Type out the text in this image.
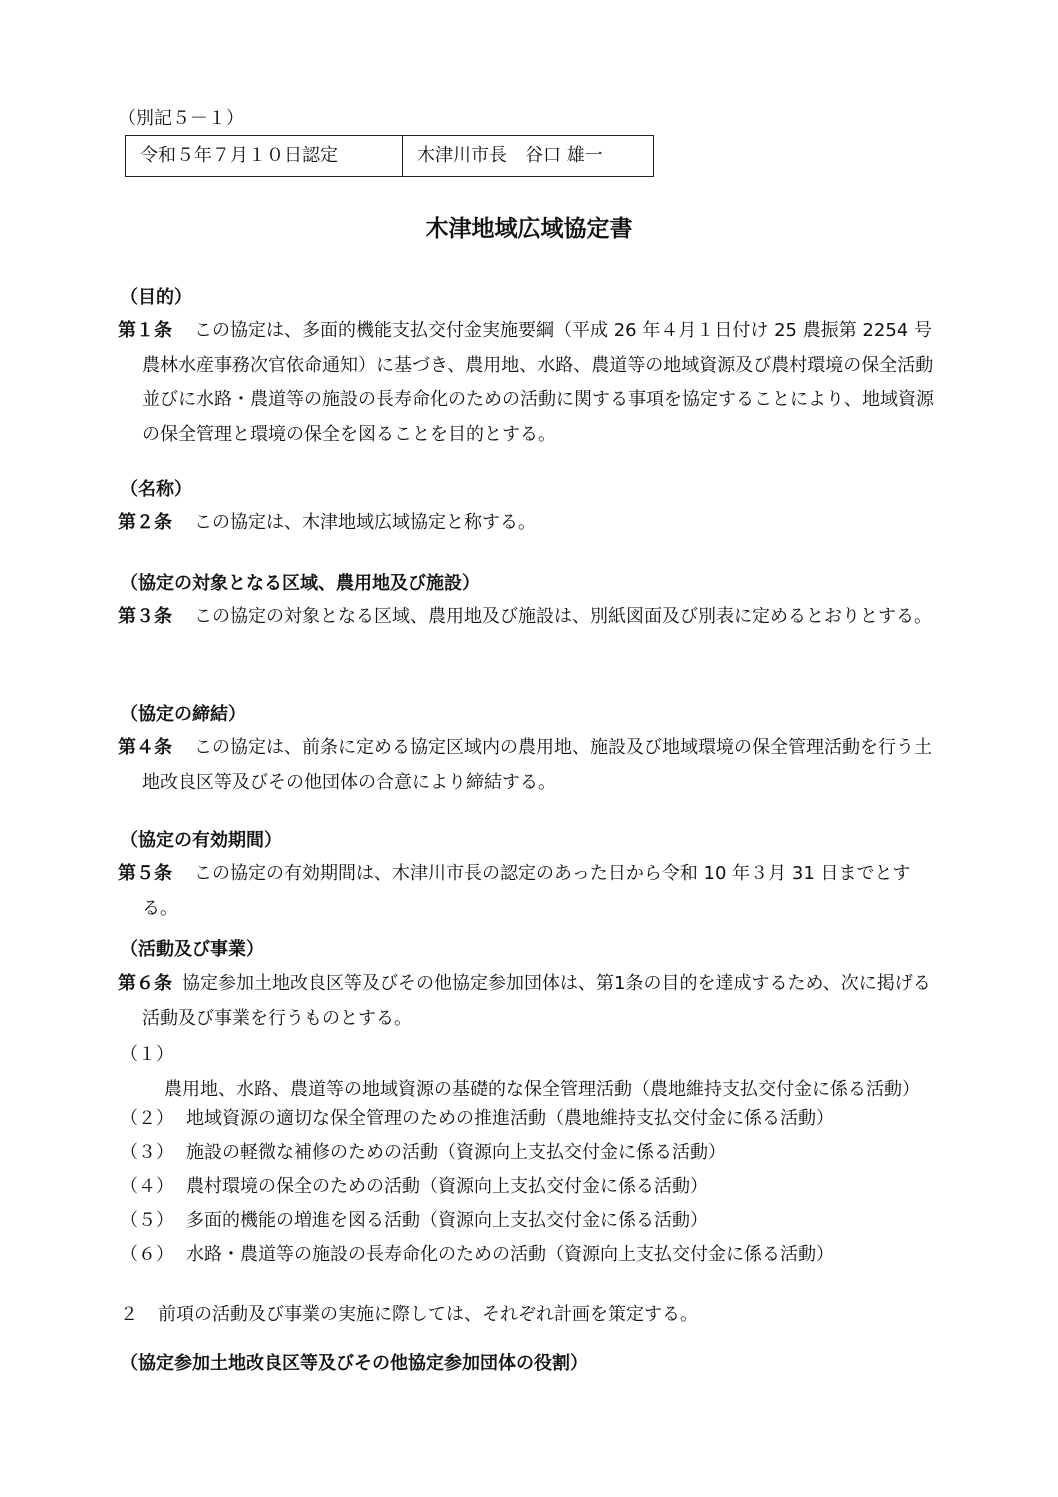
（別記５－１）
令和５年７月１０日認定	木津川市長　谷口 雄一
木津地域広域協定書
（目的）
第１条 この協定は、多面的機能支払交付金実施要綱（平成 26 年４月１日付け 25 農振第 2254 号農林水産事務次官依命通知）に基づき、農用地、水路、農道等の地域資源及び農村環境の保全活動並びに水路・農道等の施設の長寿命化のための活動に関する事項を協定することにより、地域資源の保全管理と環境の保全を図ることを目的とする。
（名称）
第２条 この協定は、木津地域広域協定と称する。
（協定の対象となる区域、農用地及び施設）
第３条 この協定の対象となる区域、農用地及び施設は、別紙図面及び別表に定めるとおりとする。
（協定の締結）
第４条 この協定は、前条に定める協定区域内の農用地、施設及び地域環境の保全管理活動を行う土地改良区等及びその他団体の合意により締結する。
（協定の有効期間）
第５条 この協定の有効期間は、木津川市長の認定のあった日から令和 10 年３月 31 日までとする。
（活動及び事業）
第６条 協定参加土地改良区等及びその他協定参加団体は、第1条の目的を達成するため、次に掲げる活動及び事業を行うものとする。
（１）農用地、水路、農道等の地域資源の基礎的な保全管理活動（農地維持支払交付金に係る活動）
（２） 地域資源の適切な保全管理のための推進活動（農地維持支払交付金に係る活動）
（３） 施設の軽微な補修のための活動（資源向上支払交付金に係る活動）
（４） 農村環境の保全のための活動（資源向上支払交付金に係る活動）
（５） 多面的機能の増進を図る活動（資源向上支払交付金に係る活動）
（６） 水路・農道等の施設の長寿命化のための活動（資源向上支払交付金に係る活動）
２ 前項の活動及び事業の実施に際しては、それぞれ計画を策定する。
（協定参加土地改良区等及びその他協定参加団体の役割）
